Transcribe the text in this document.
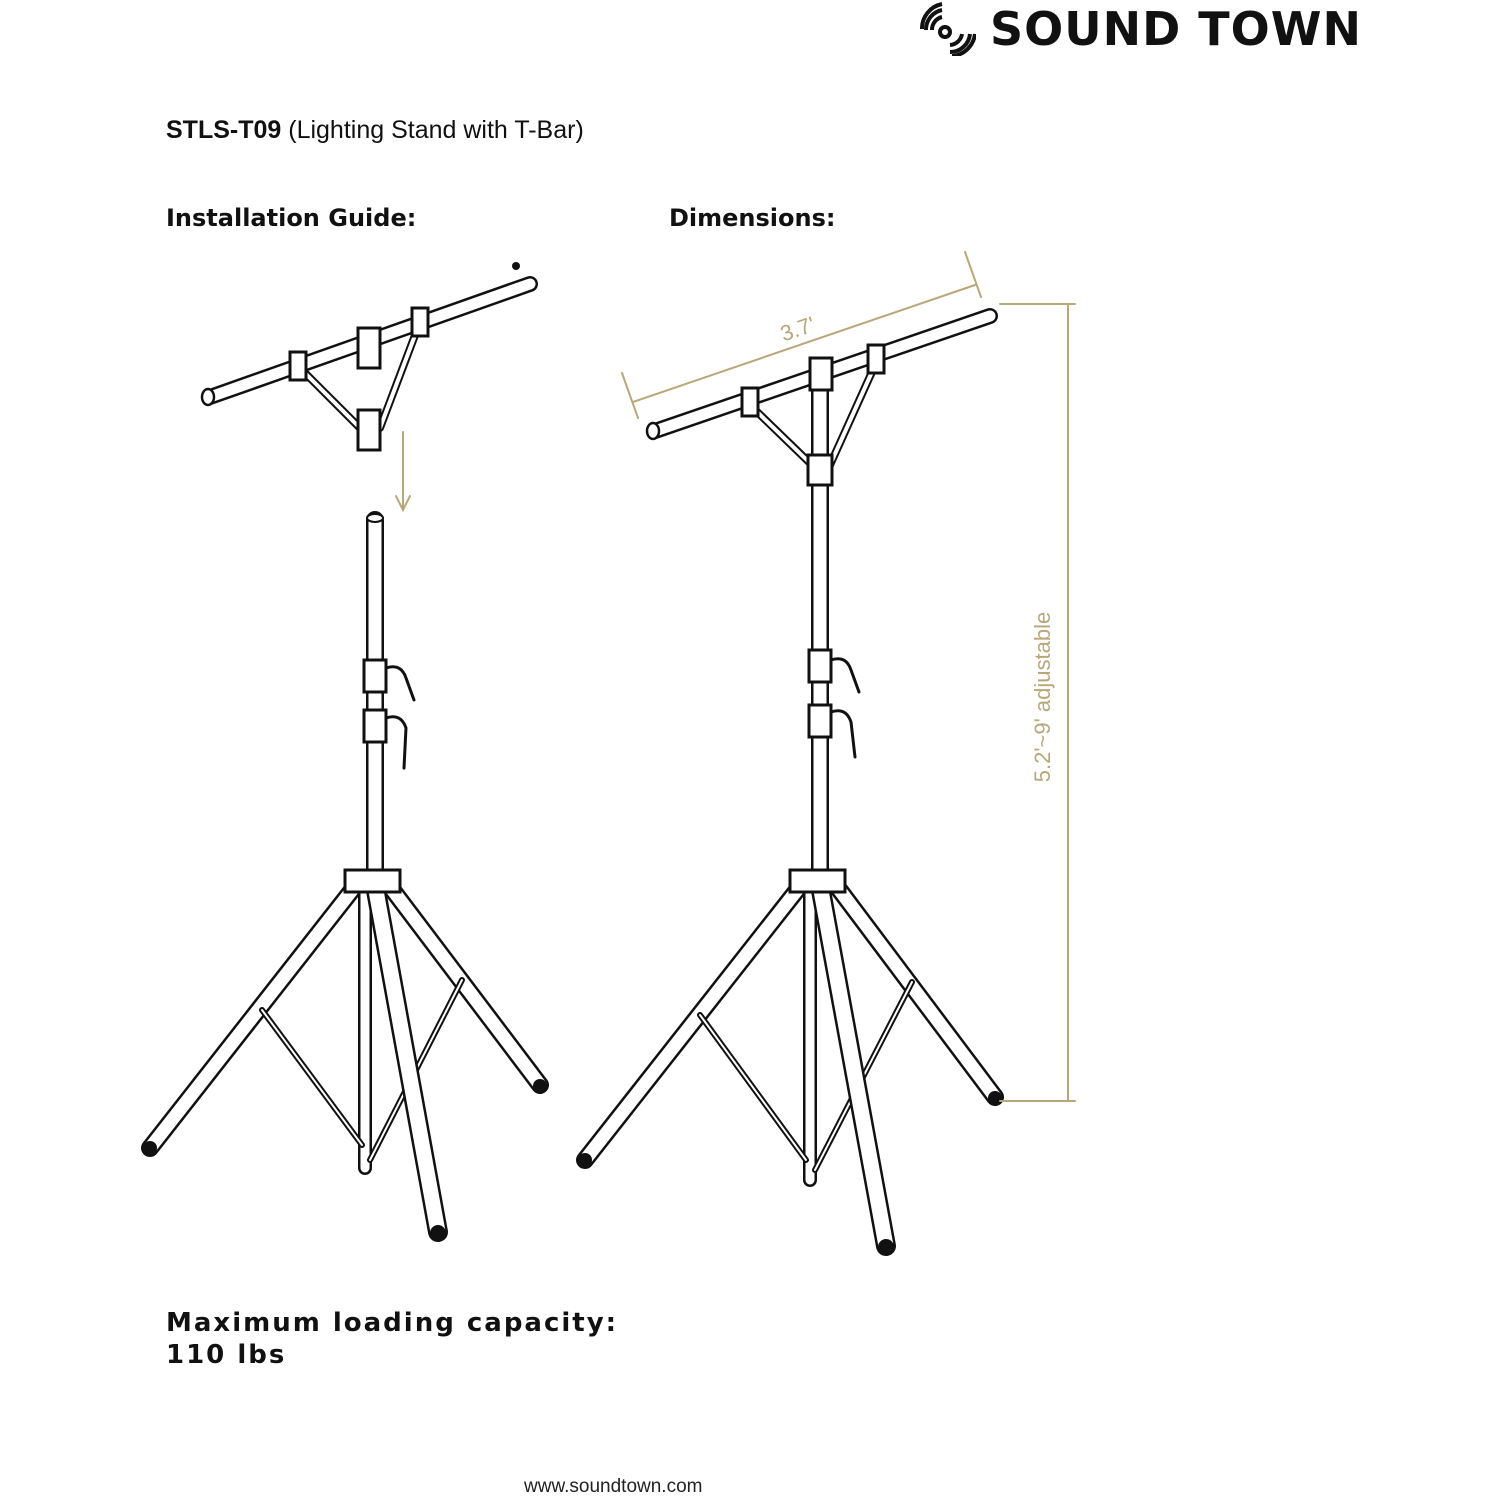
SOUND TOWN
STLS-T09 (Lighting Stand with T-Bar)
Installation Guide:	Dimensions:
3.7'
5.2'~9' adjustable
Maximum loading capacity:
110 lbs
www.soundtown.com
